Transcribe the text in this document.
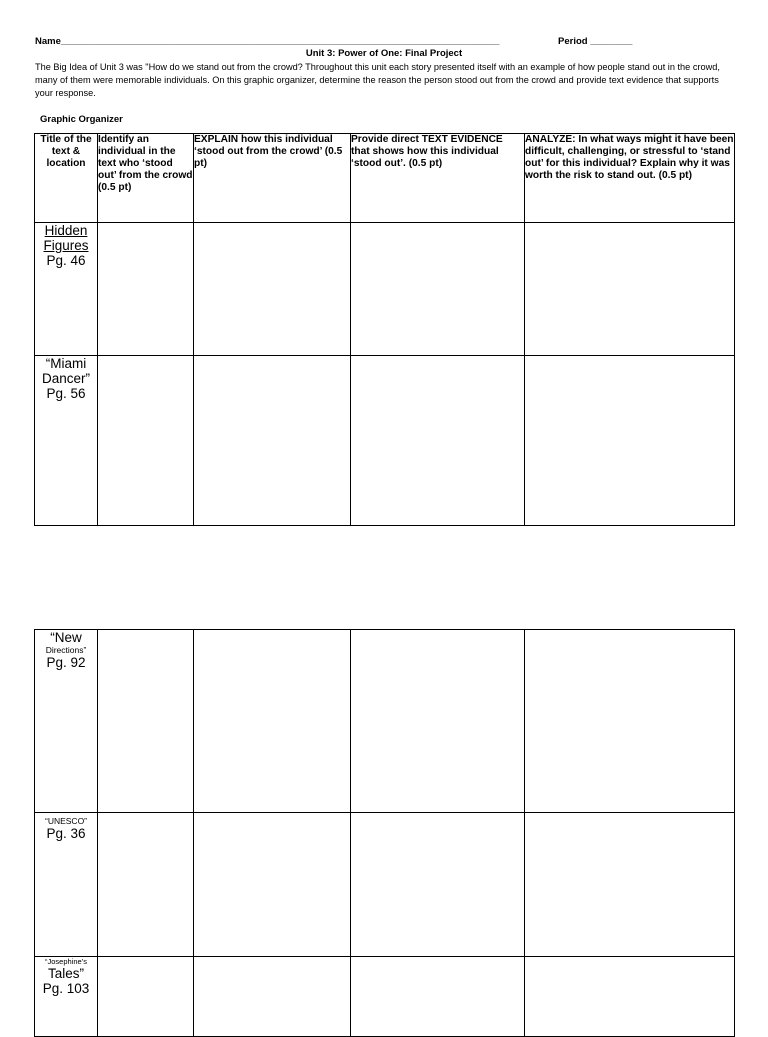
Name___________________________________________________________________________________	Period ________
Unit 3: Power of One: Final Project
The Big Idea of Unit 3 was "How do we stand out from the crowd? Throughout this unit each story presented itself with an example of how people stand out in the crowd, many of them were memorable individuals. On this graphic organizer, determine the reason the person stood out from the crowd and provide text evidence that supports your response.
Graphic Organizer
Title of the text & location	Identify an individual in the text who ‘stood out’ from the crowd (0.5 pt)	EXPLAIN how this individual ‘stood out from the crowd’ (0.5 pt)	Provide direct TEXT EVIDENCE that shows how this individual ‘stood out’. (0.5 pt)	ANALYZE: In what ways might it have been difficult, challenging, or stressful to ‘stand out’ for this individual? Explain why it was worth the risk to stand out. (0.5 pt)

Hidden
Figures
Pg. 46				

“Miami
Dancer”
Pg. 56				

“New
Directions”
Pg. 92				

“UNESCO”
Pg. 36				

“Josephine’s
Tales”
Pg. 103				
